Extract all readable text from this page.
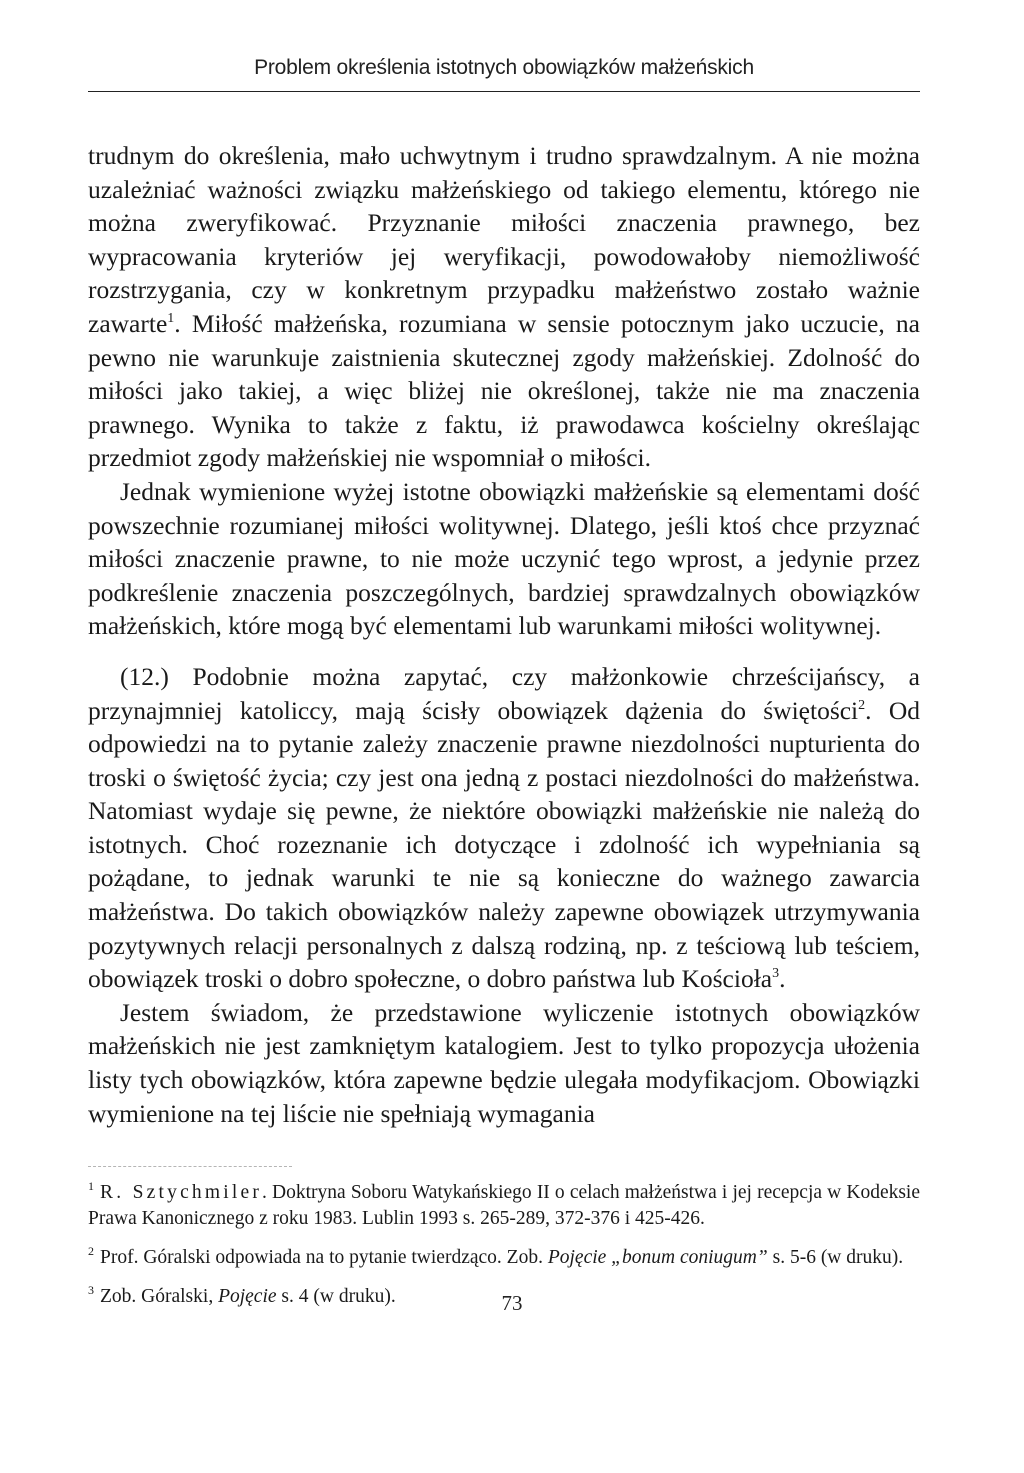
Problem określenia istotnych obowiązków małżeńskich

trudnym do określenia, mało uchwytnym i trudno sprawdzalnym. A nie można uzależniać ważności związku małżeńskiego od takiego elementu, którego nie można zweryfikować. Przyznanie miłości znaczenia prawnego, bez wypracowania kryteriów jej weryfikacji, powodowałoby niemożliwość rozstrzygania, czy w konkretnym przypadku małżeństwo zostało ważnie zawarte$^1$. Miłość małżeńska, rozumiana w sensie potocznym jako uczucie, na pewno nie warunkuje zaistnienia skutecznej zgody małżeńskiej. Zdolność do miłości jako takiej, a więc bliżej nie określonej, także nie ma znaczenia prawnego. Wynika to także z faktu, iż prawodawca kościelny określając przedmiot zgody małżeńskiej nie wspomniał o miłości.

Jednak wymienione wyżej istotne obowiązki małżeńskie są elementami dość powszechnie rozumianej miłości wolitywnej. Dlatego, jeśli ktoś chce przyznać miłości znaczenie prawne, to nie może uczynić tego wprost, a jedynie przez podkreślenie znaczenia poszczególnych, bardziej sprawdzalnych obowiązków małżeńskich, które mogą być elementami lub warunkami miłości wolitywnej.

(12.) Podobnie można zapytać, czy małżonkowie chrześcijańscy, a przynajmniej katoliccy, mają ścisły obowiązek dążenia do świętości$^2$. Od odpowiedzi na to pytanie zależy znaczenie prawne niezdolności nupturienta do troski o świętość życia; czy jest ona jedną z postaci niezdolności do małżeństwa. Natomiast wydaje się pewne, że niektóre obowiązki małżeńskie nie należą do istotnych. Choć rozeznanie ich dotyczące i zdolność ich wypełniania są pożądane, to jednak warunki te nie są konieczne do ważnego zawarcia małżeństwa. Do takich obowiązków należy zapewne obowiązek utrzymywania pozytywnych relacji personalnych z dalszą rodziną, np. z teściową lub teściem, obowiązek troski o dobro społeczne, o dobro państwa lub Kościoła$^3$.

Jestem świadom, że przedstawione wyliczenie istotnych obowiązków małżeńskich nie jest zamkniętym katalogiem. Jest to tylko propozycja ułożenia listy tych obowiązków, która zapewne będzie ulegała modyfikacjom. Obowiązki wymienione na tej liście nie spełniają wymagania

$^1$ R. Sztychmiler. Doktryna Soboru Watykańskiego II o celach małżeństwa i jej recepcja w Kodeksie Prawa Kanonicznego z roku 1983. Lublin 1993 s. 265-289, 372-376 i 425-426.

$^2$ Prof. Góralski odpowiada na to pytanie twierdząco. Zob. Pojęcie „bonum coniugum” s. 5-6 (w druku).

$^3$ Zob. Góralski, Pojęcie s. 4 (w druku).	73
